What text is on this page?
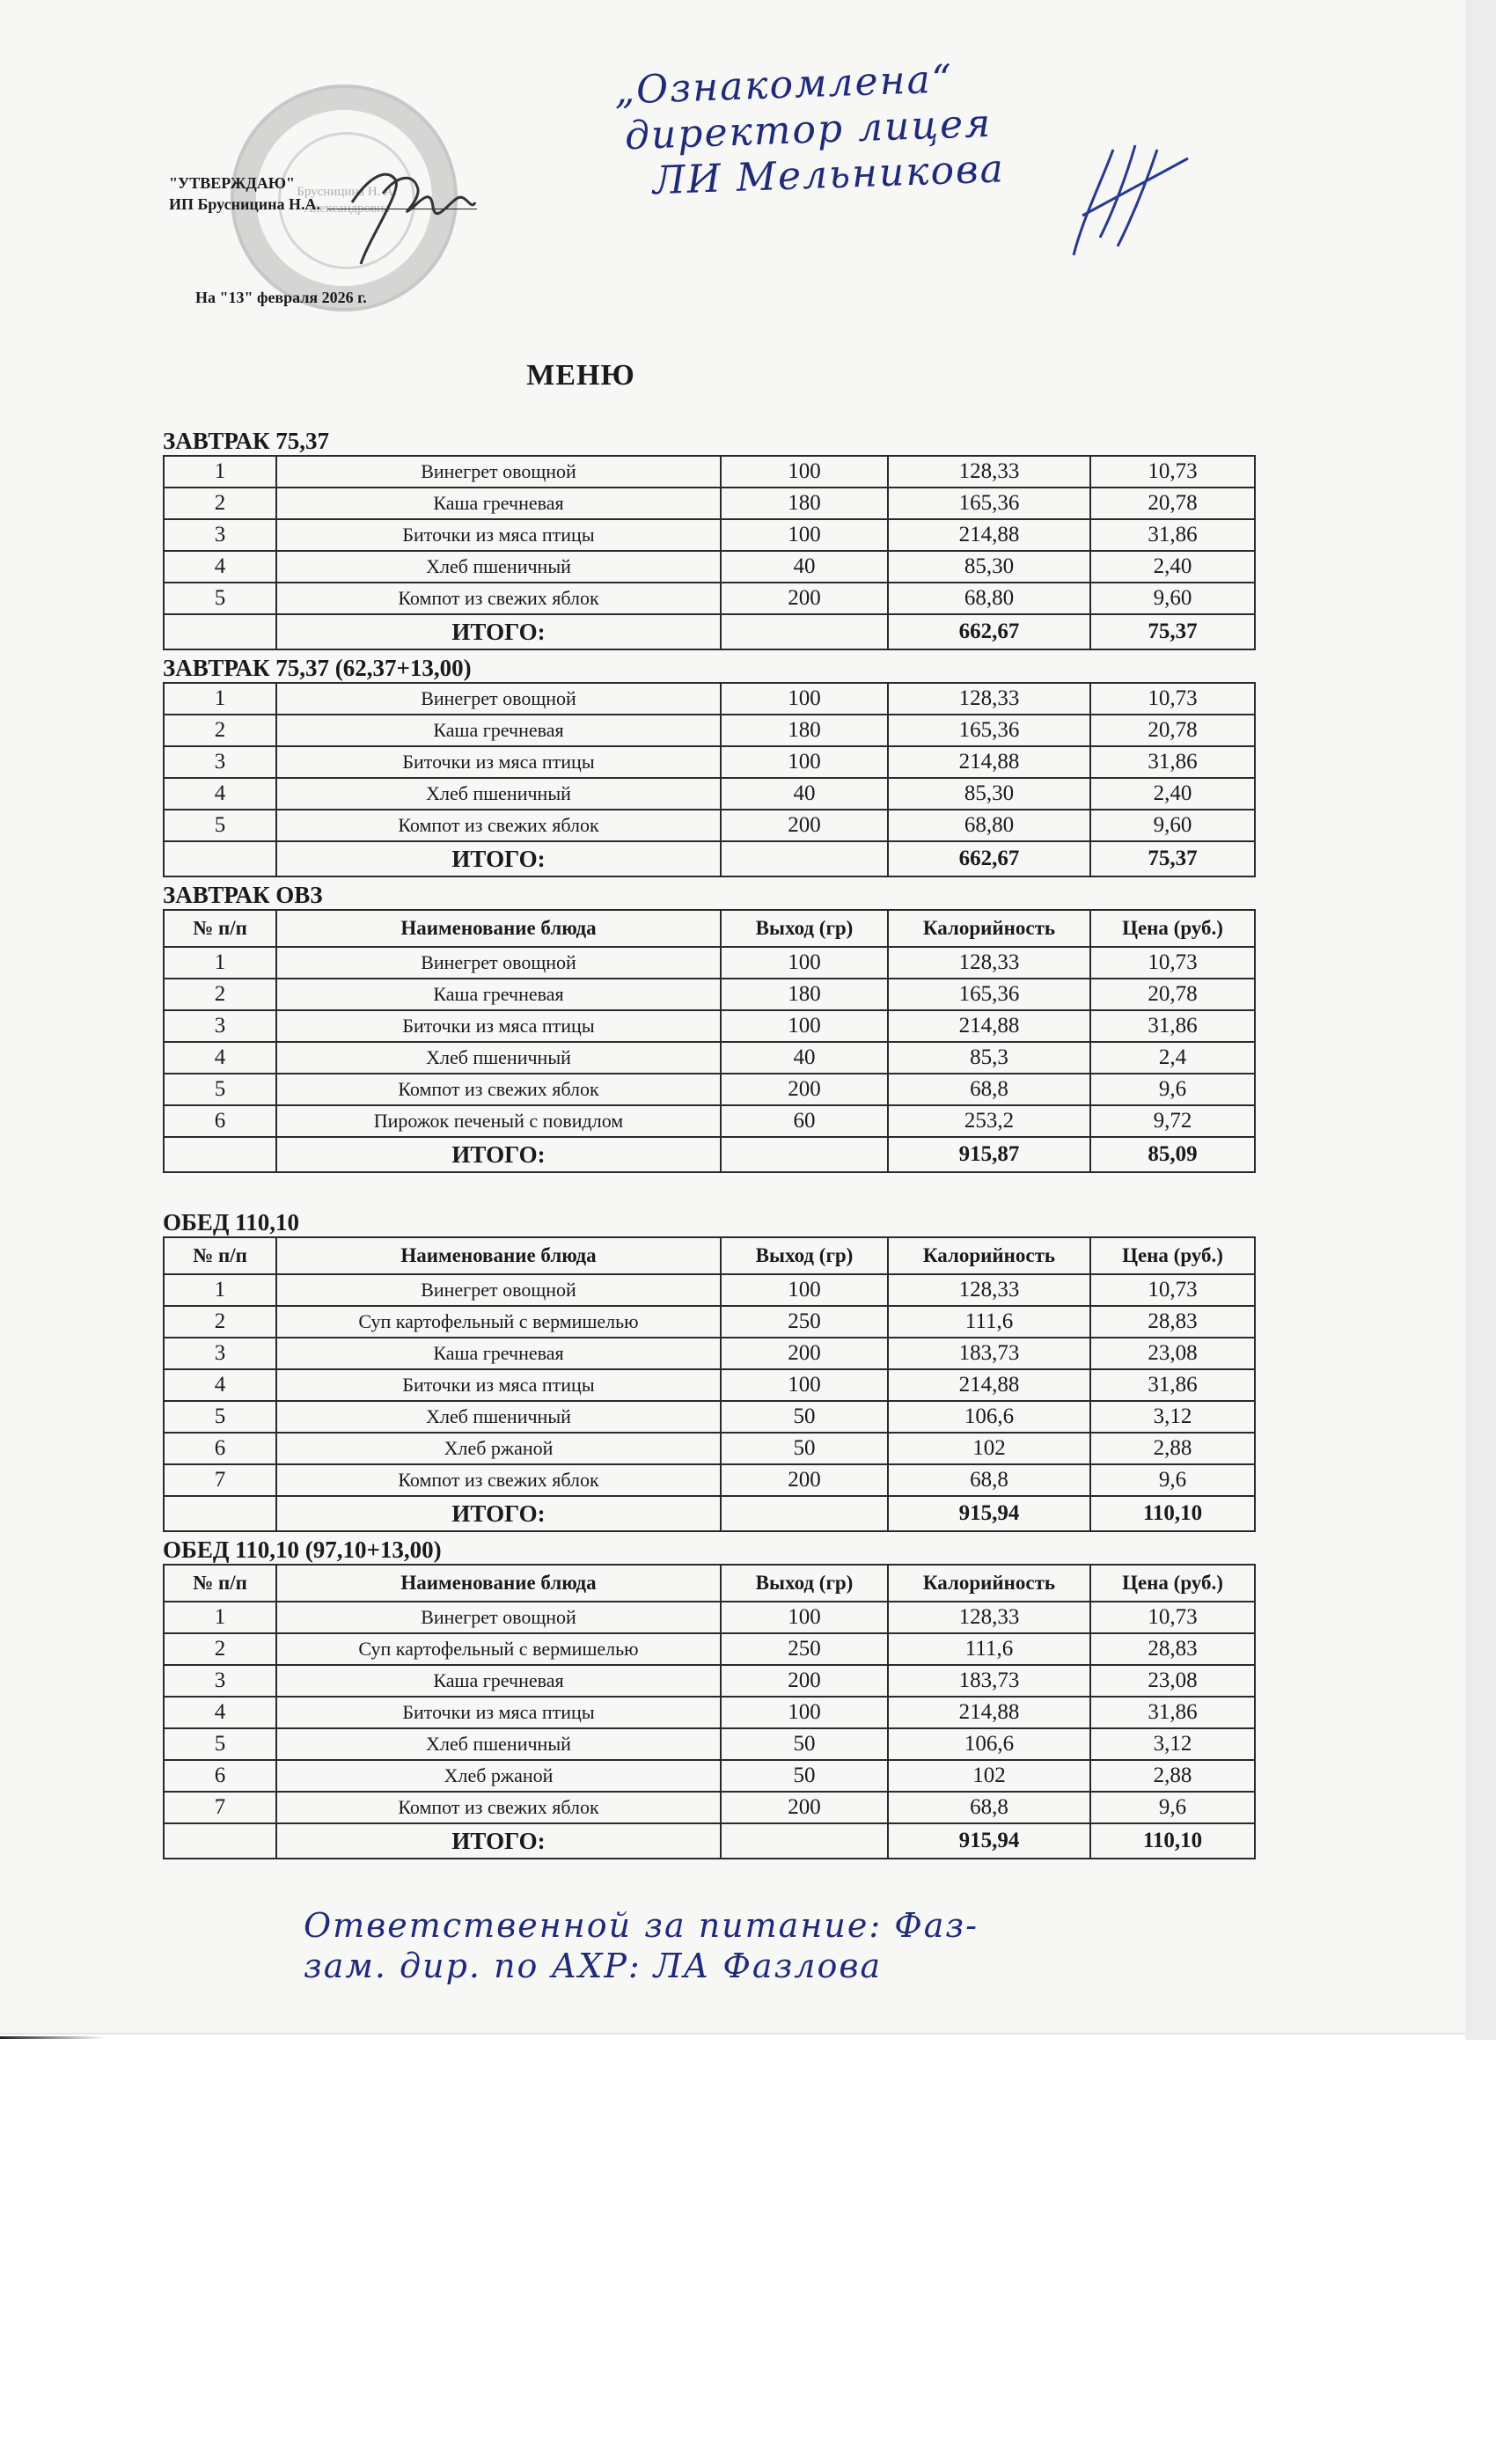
Брусницина Н. А. Александровна
"УТВЕРЖДАЮ"
ИП Брусницина Н.А.
На "13" февраля 2026 г.
„Ознакомлена“
директор лицея
ЛИ Мельникова
МЕНЮ
ЗАВТРАК 75,37
1	Винегрет овощной	100	128,33	10,73
2	Каша гречневая	180	165,36	20,78
3	Биточки из мяса птицы	100	214,88	31,86
4	Хлеб пшеничный	40	85,30	2,40
5	Компот из свежих яблок	200	68,80	9,60
	ИТОГО:		662,67	75,37
ЗАВТРАК 75,37 (62,37+13,00)
1	Винегрет овощной	100	128,33	10,73
2	Каша гречневая	180	165,36	20,78
3	Биточки из мяса птицы	100	214,88	31,86
4	Хлеб пшеничный	40	85,30	2,40
5	Компот из свежих яблок	200	68,80	9,60
	ИТОГО:		662,67	75,37
ЗАВТРАК ОВЗ
№ п/п	Наименование блюда	Выход (гр)	Калорийность	Цена (руб.)
1	Винегрет овощной	100	128,33	10,73
2	Каша гречневая	180	165,36	20,78
3	Биточки из мяса птицы	100	214,88	31,86
4	Хлеб пшеничный	40	85,3	2,4
5	Компот из свежих яблок	200	68,8	9,6
6	Пирожок печеный с повидлом	60	253,2	9,72
	ИТОГО:		915,87	85,09
ОБЕД 110,10
№ п/п	Наименование блюда	Выход (гр)	Калорийность	Цена (руб.)
1	Винегрет овощной	100	128,33	10,73
2	Суп картофельный с вермишелью	250	111,6	28,83
3	Каша гречневая	200	183,73	23,08
4	Биточки из мяса птицы	100	214,88	31,86
5	Хлеб пшеничный	50	106,6	3,12
6	Хлеб ржаной	50	102	2,88
7	Компот из свежих яблок	200	68,8	9,6
	ИТОГО:		915,94	110,10
ОБЕД 110,10 (97,10+13,00)
№ п/п	Наименование блюда	Выход (гр)	Калорийность	Цена (руб.)
1	Винегрет овощной	100	128,33	10,73
2	Суп картофельный с вермишелью	250	111,6	28,83
3	Каша гречневая	200	183,73	23,08
4	Биточки из мяса птицы	100	214,88	31,86
5	Хлеб пшеничный	50	106,6	3,12
6	Хлеб ржаной	50	102	2,88
7	Компот из свежих яблок	200	68,8	9,6
	ИТОГО:		915,94	110,10
Ответственной за питание: Фаз-
зам. дир. по АХР: ЛА Фазлова
